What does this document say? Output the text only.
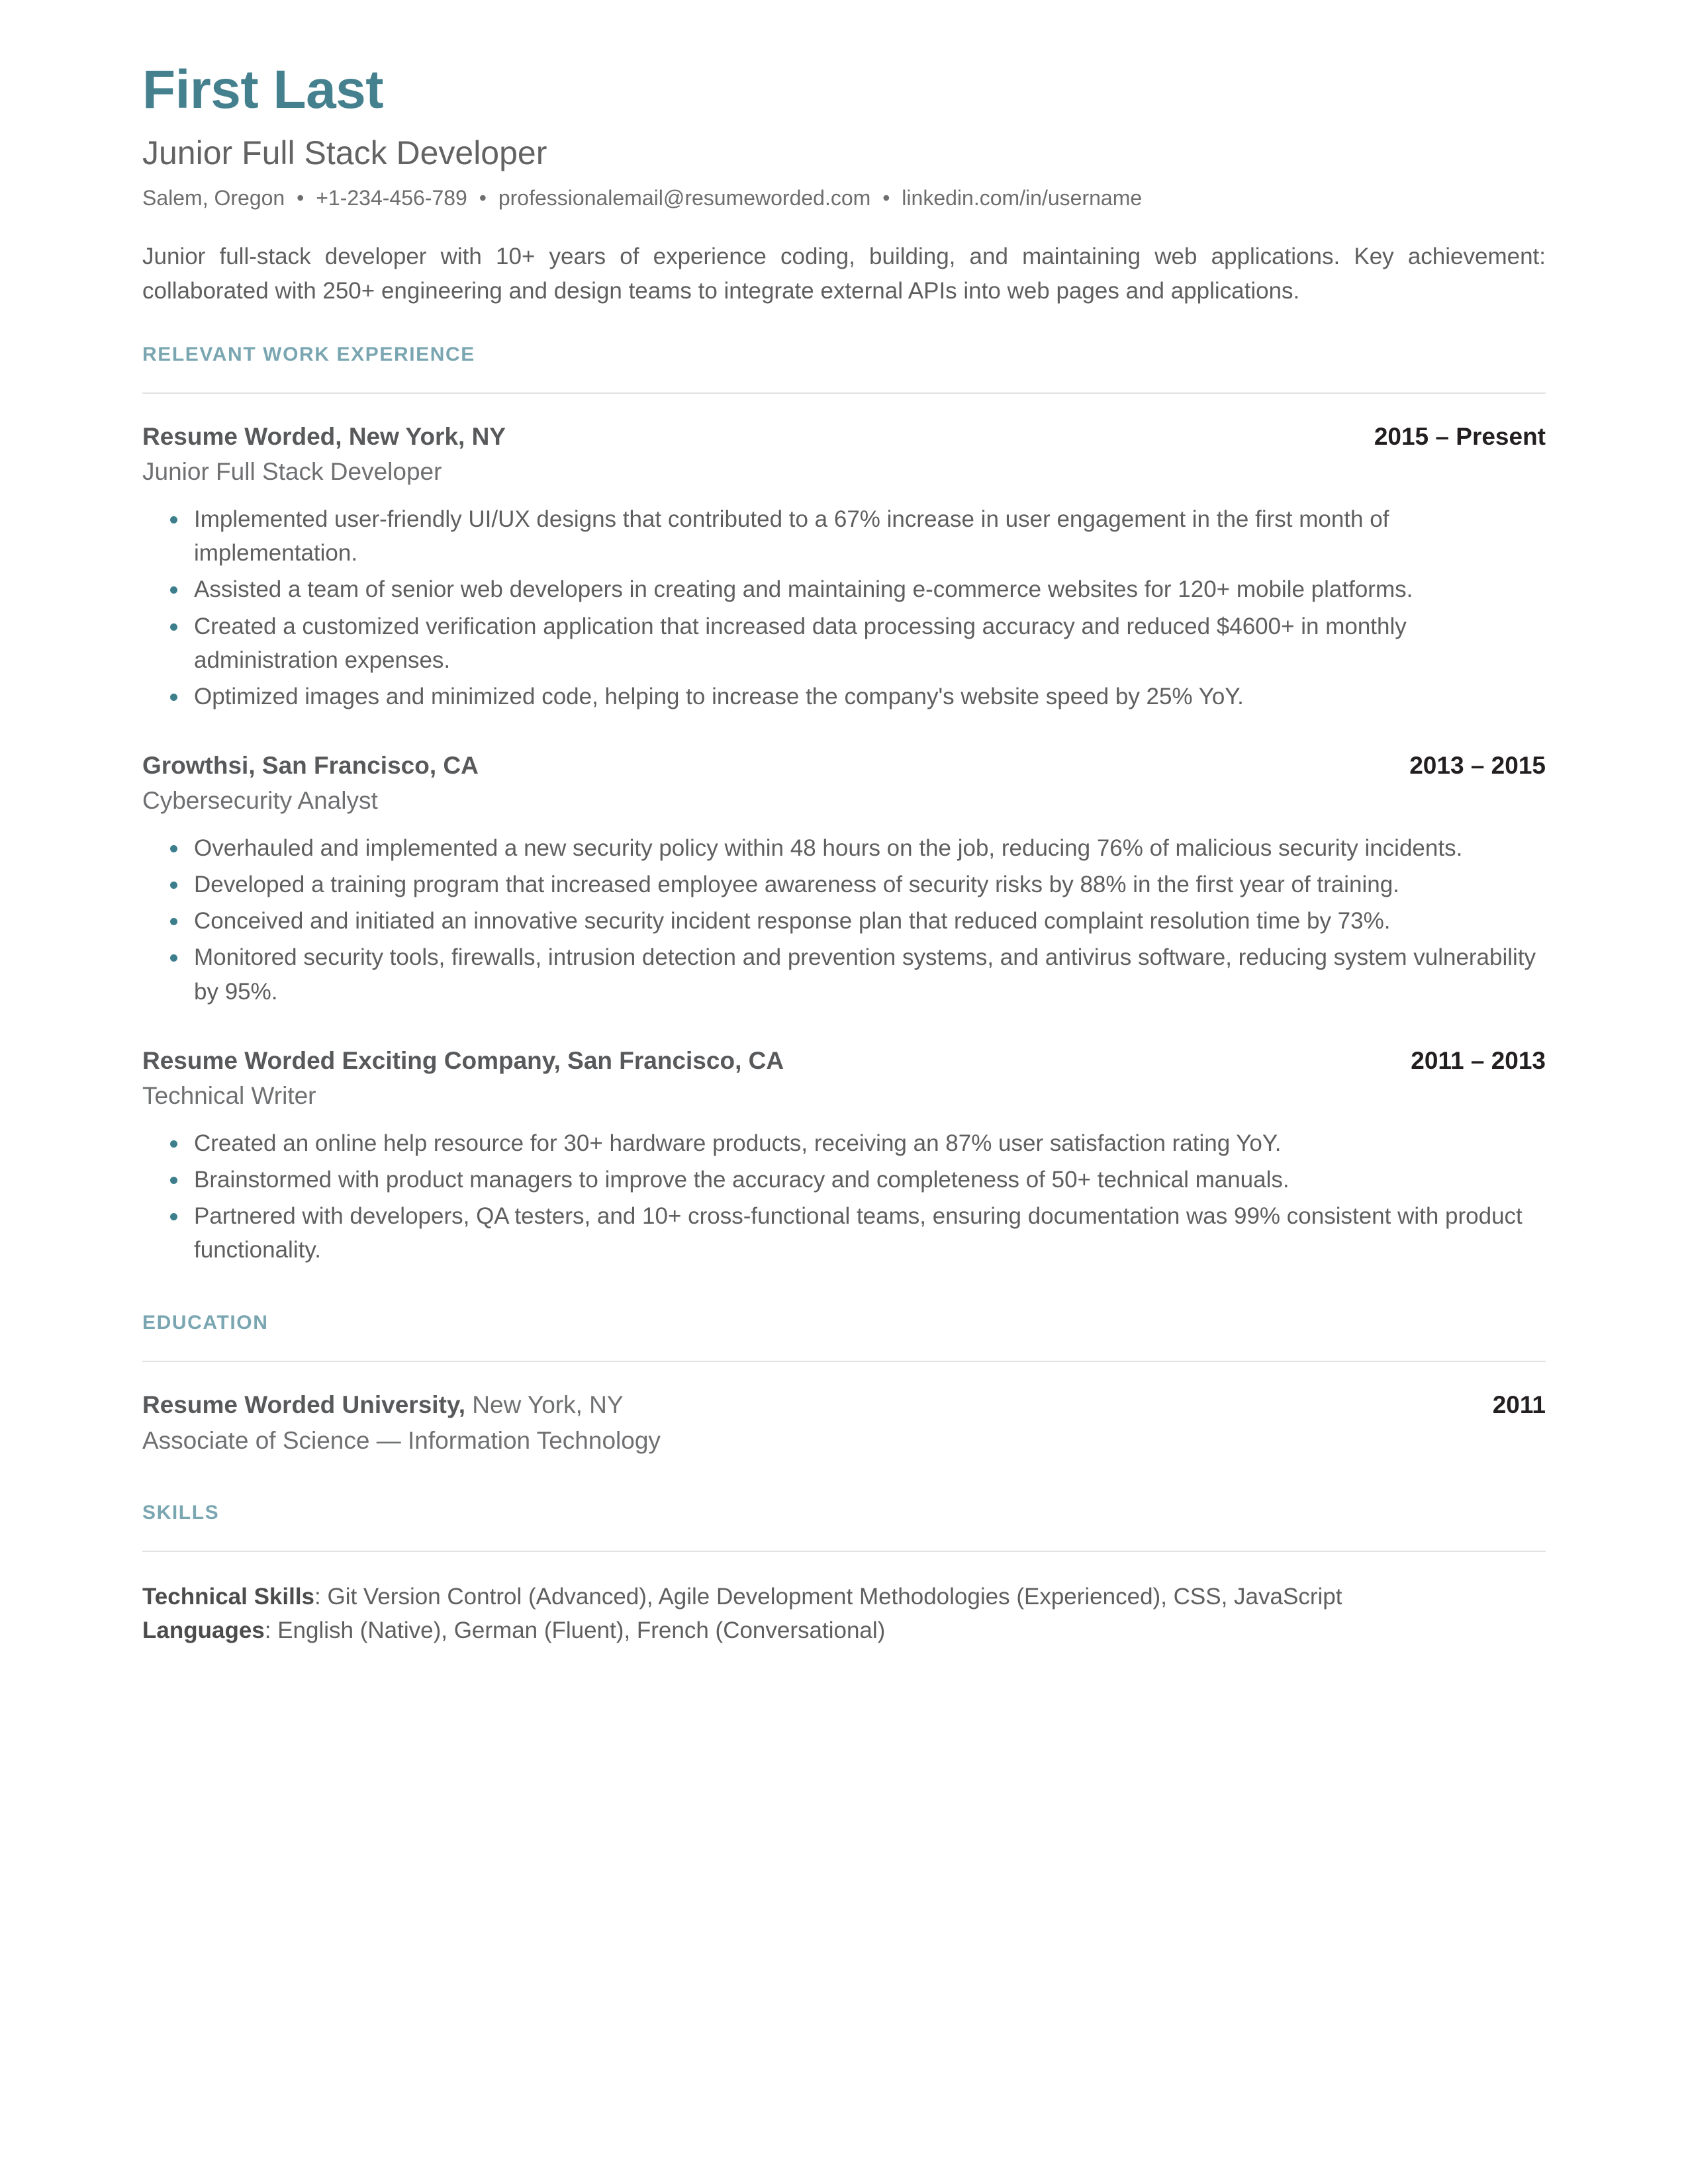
First Last
Junior Full Stack Developer
Salem, Oregon • +1-234-456-789 • professionalemail@resumeworded.com • linkedin.com/in/username
Junior full-stack developer with 10+ years of experience coding, building, and maintaining web applications. Key achievement: collaborated with 250+ engineering and design teams to integrate external APIs into web pages and applications.
RELEVANT WORK EXPERIENCE
Resume Worded, New York, NY	2015 – Present
Junior Full Stack Developer
Implemented user-friendly UI/UX designs that contributed to a 67% increase in user engagement in the first month of implementation.
Assisted a team of senior web developers in creating and maintaining e-commerce websites for 120+ mobile platforms.
Created a customized verification application that increased data processing accuracy and reduced $4600+ in monthly administration expenses.
Optimized images and minimized code, helping to increase the company's website speed by 25% YoY.
Growthsi, San Francisco, CA	2013 – 2015
Cybersecurity Analyst
Overhauled and implemented a new security policy within 48 hours on the job, reducing 76% of malicious security incidents.
Developed a training program that increased employee awareness of security risks by 88% in the first year of training.
Conceived and initiated an innovative security incident response plan that reduced complaint resolution time by 73%.
Monitored security tools, firewalls, intrusion detection and prevention systems, and antivirus software, reducing system vulnerability by 95%.
Resume Worded Exciting Company, San Francisco, CA	2011 – 2013
Technical Writer
Created an online help resource for 30+ hardware products, receiving an 87% user satisfaction rating YoY.
Brainstormed with product managers to improve the accuracy and completeness of 50+ technical manuals.
Partnered with developers, QA testers, and 10+ cross-functional teams, ensuring documentation was 99% consistent with product functionality.
EDUCATION
Resume Worded University, New York, NY	2011
Associate of Science — Information Technology
SKILLS
Technical Skills: Git Version Control (Advanced), Agile Development Methodologies (Experienced), CSS, JavaScript
Languages: English (Native), German (Fluent), French (Conversational)
